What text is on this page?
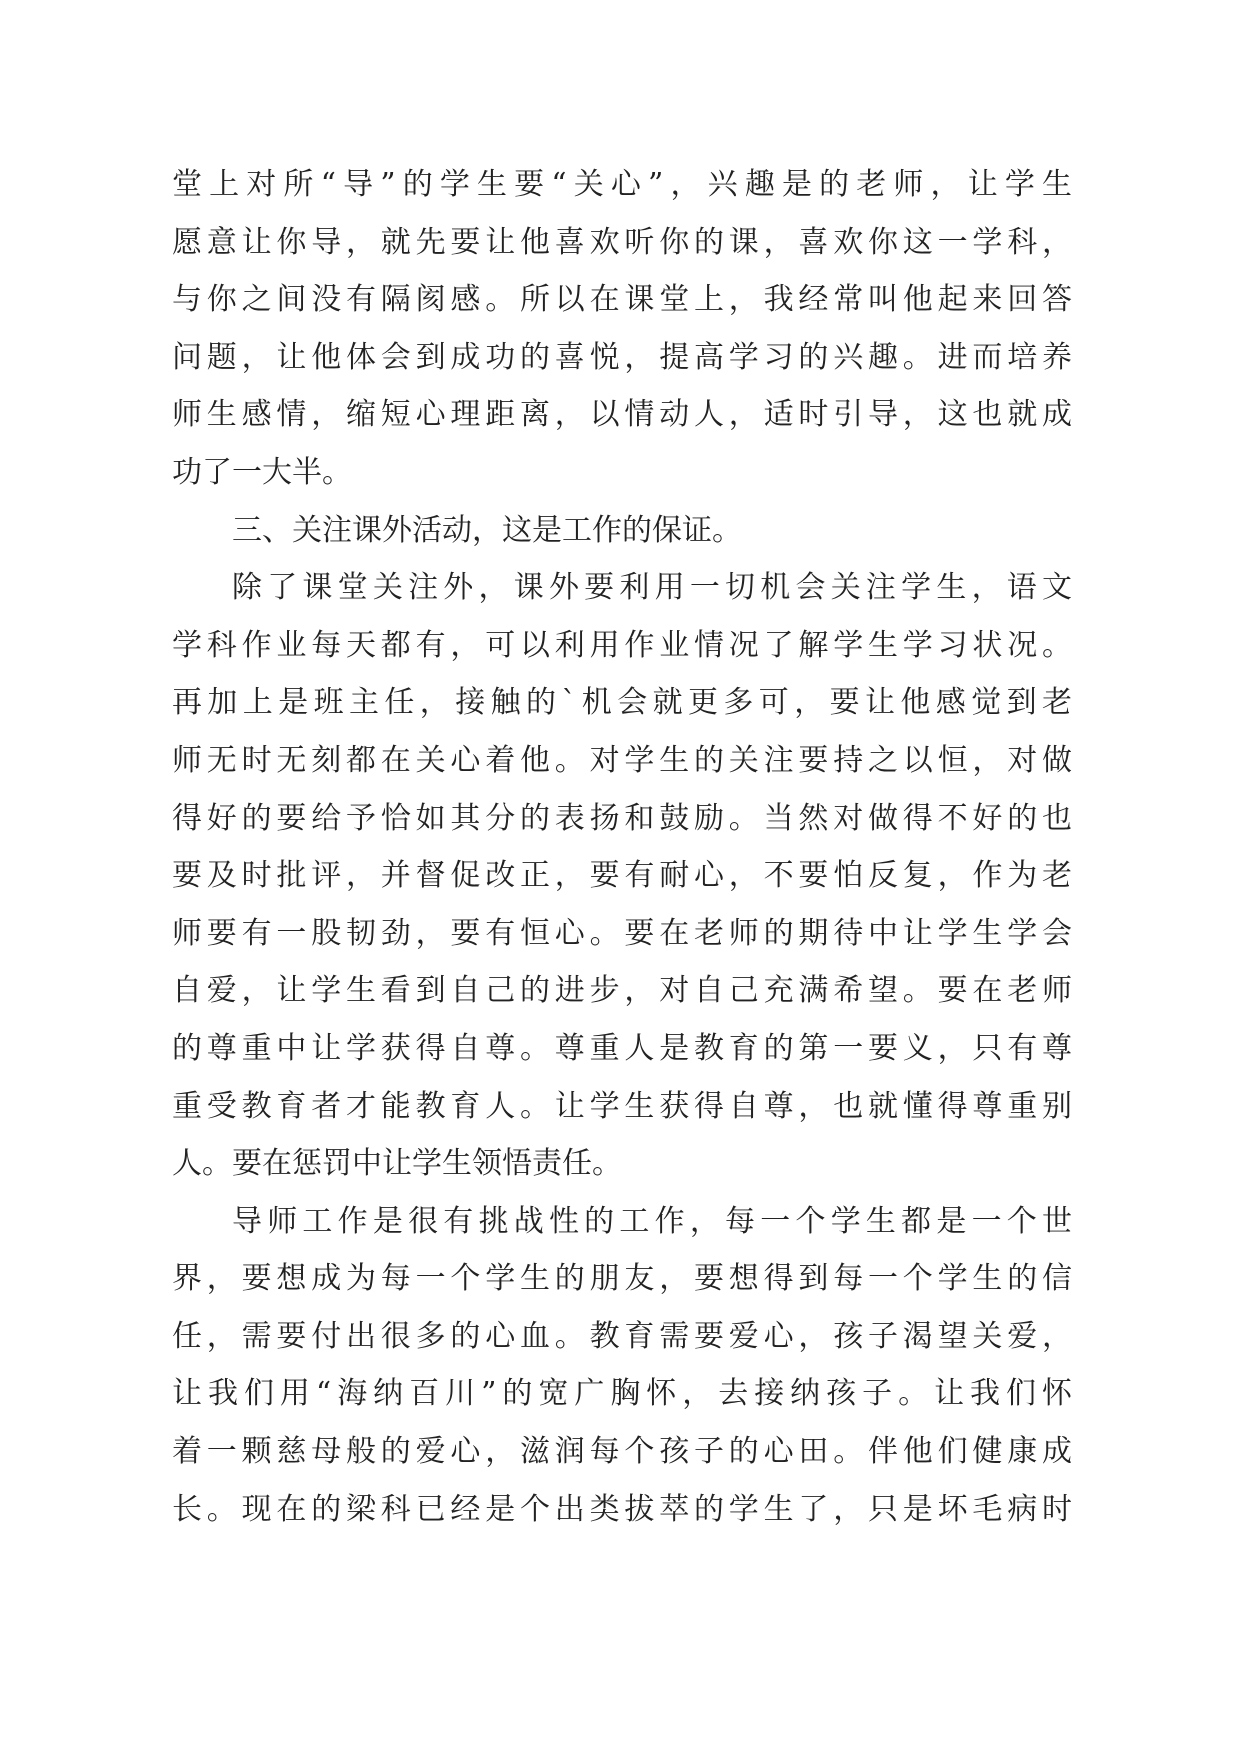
堂上对所“导”的学生要“关心”，兴趣是的老师，让学生
愿意让你导，就先要让他喜欢听你的课，喜欢你这一学科，
与你之间没有隔阂感。所以在课堂上，我经常叫他起来回答
问题，让他体会到成功的喜悦，提高学习的兴趣。进而培养
师生感情，缩短心理距离，以情动人，适时引导，这也就成
功了一大半。
三、关注课外活动，这是工作的保证。
除了课堂关注外，课外要利用一切机会关注学生，语文
学科作业每天都有，可以利用作业情况了解学生学习状况。
再加上是班主任，接触的`机会就更多可，要让他感觉到老
师无时无刻都在关心着他。对学生的关注要持之以恒，对做
得好的要给予恰如其分的表扬和鼓励。当然对做得不好的也
要及时批评，并督促改正，要有耐心，不要怕反复，作为老
师要有一股韧劲，要有恒心。要在老师的期待中让学生学会
自爱，让学生看到自己的进步，对自己充满希望。要在老师
的尊重中让学获得自尊。尊重人是教育的第一要义，只有尊
重受教育者才能教育人。让学生获得自尊，也就懂得尊重别
人。要在惩罚中让学生领悟责任。
导师工作是很有挑战性的工作，每一个学生都是一个世
界，要想成为每一个学生的朋友，要想得到每一个学生的信
任，需要付出很多的心血。教育需要爱心，孩子渴望关爱，
让我们用“海纳百川”的宽广胸怀，去接纳孩子。让我们怀
着一颗慈母般的爱心，滋润每个孩子的心田。伴他们健康成
长。现在的梁科已经是个出类拔萃的学生了，只是坏毛病时
